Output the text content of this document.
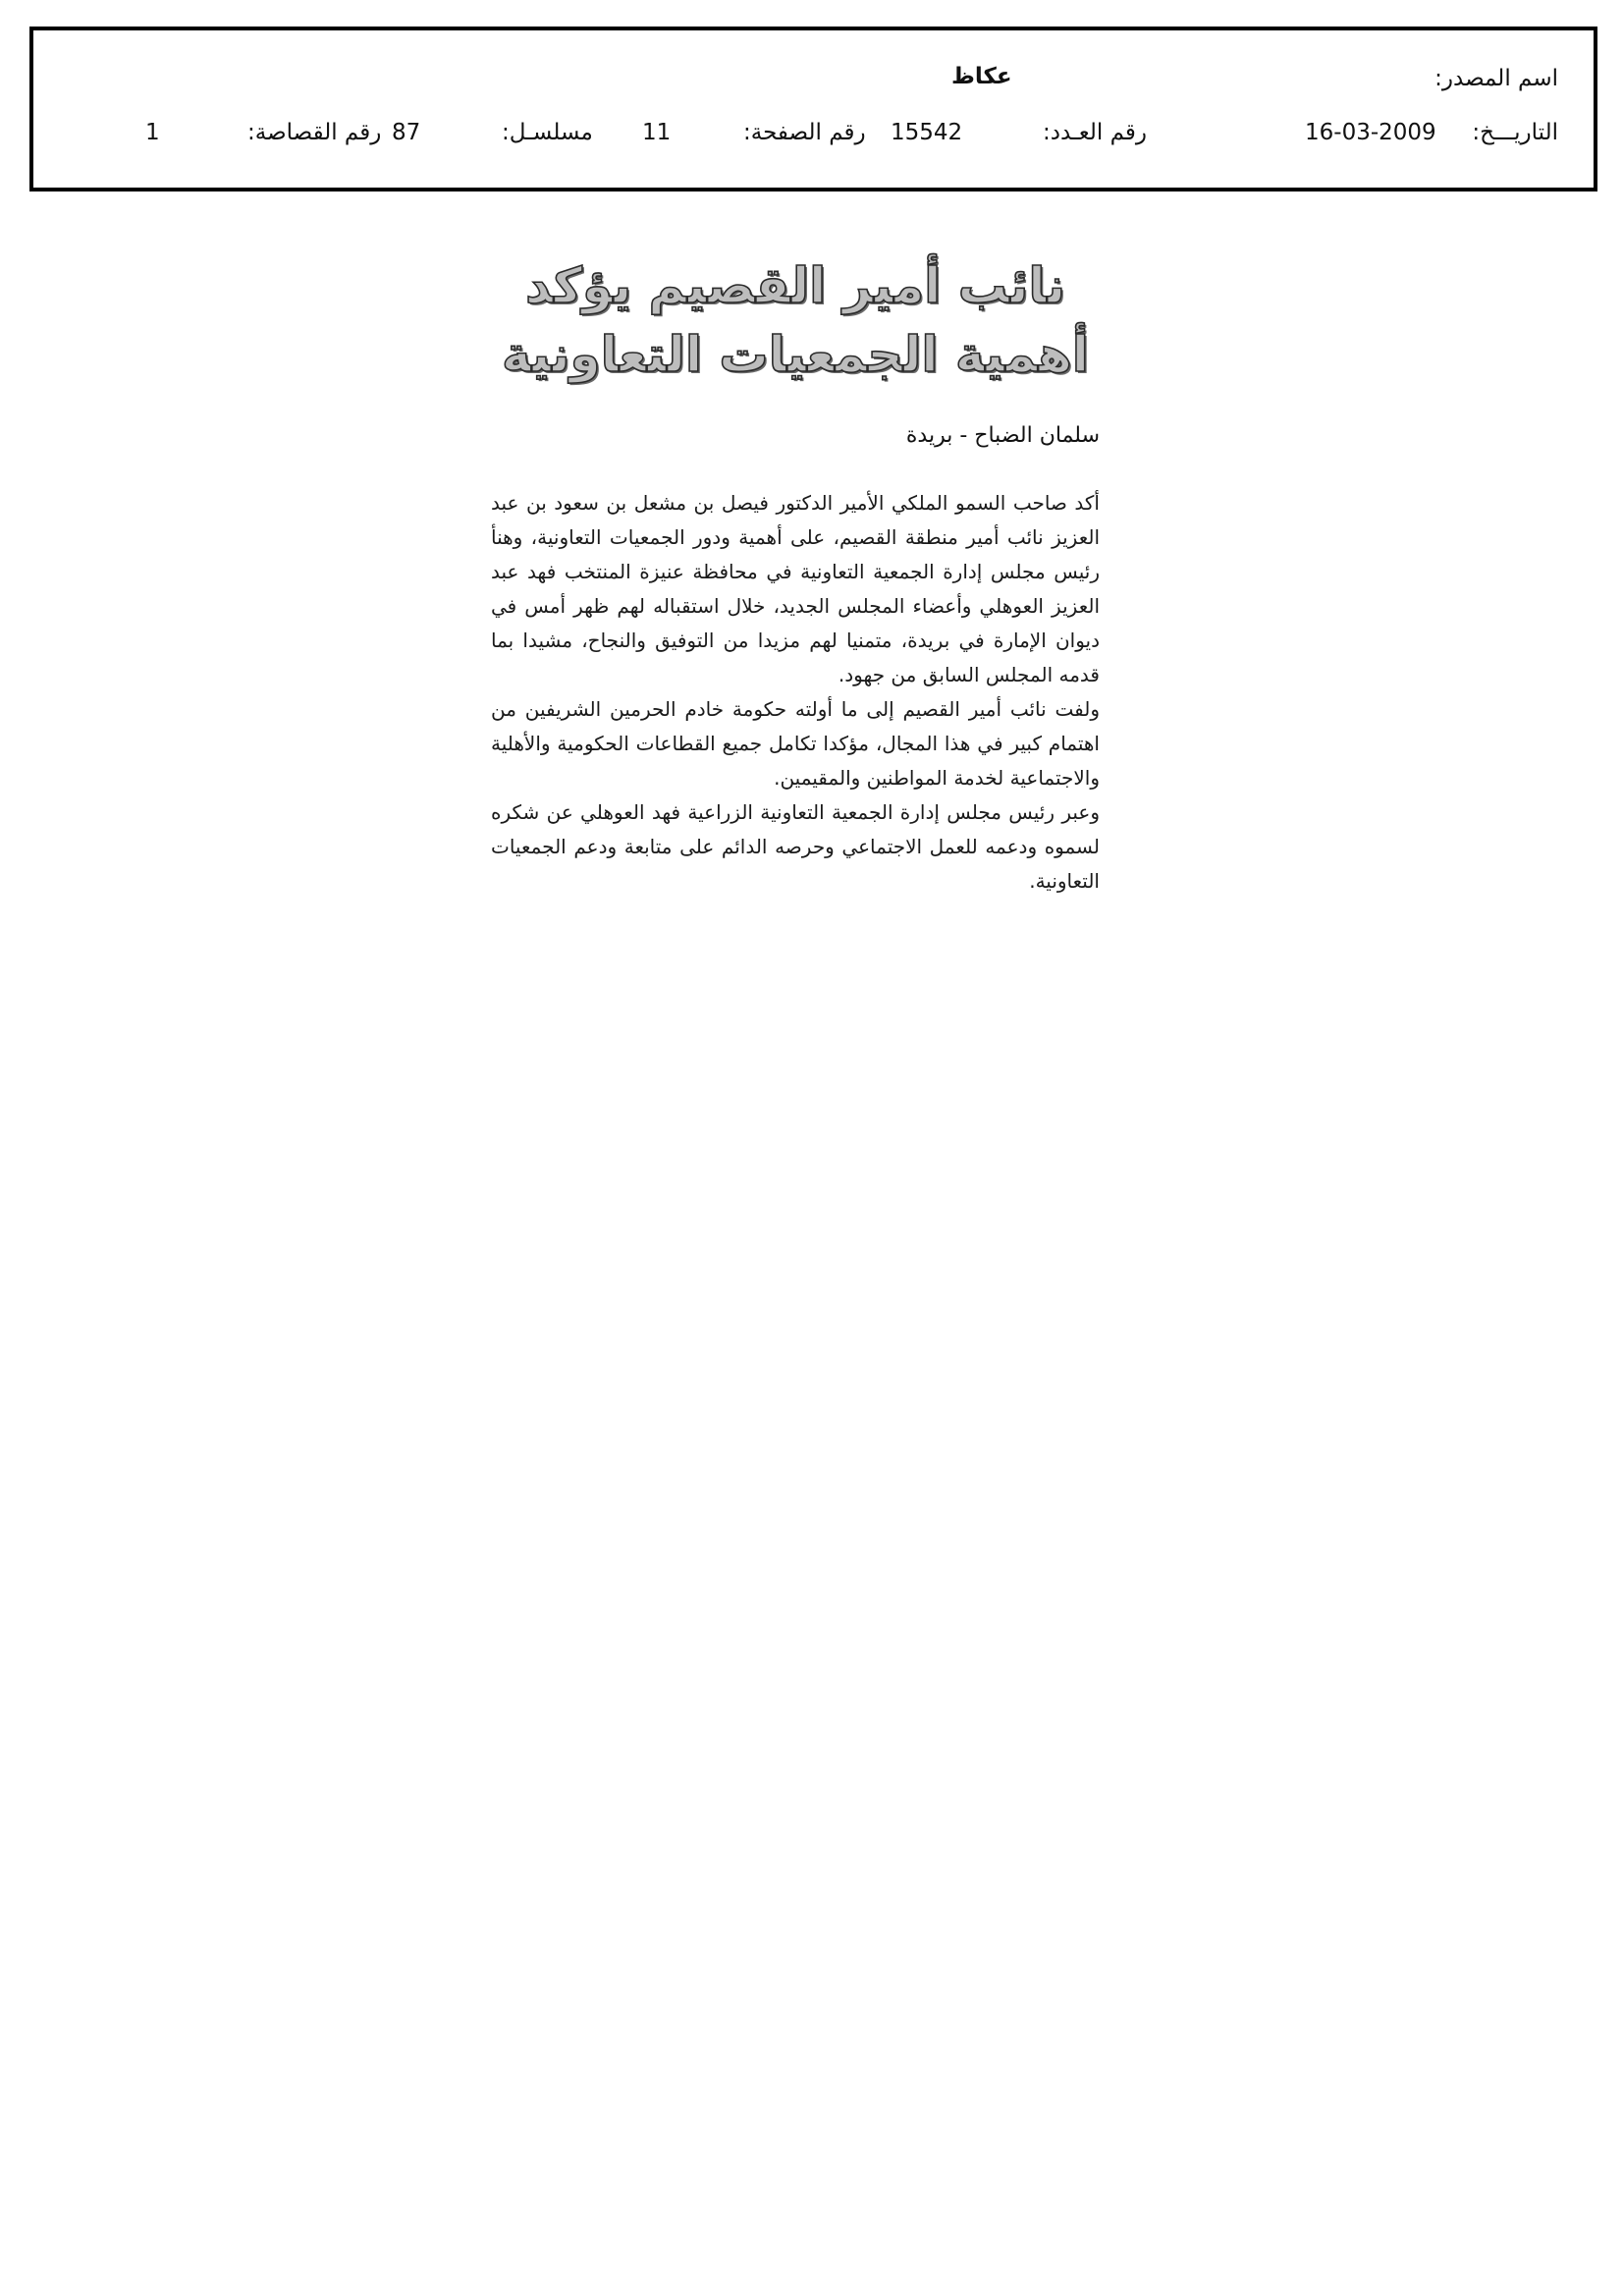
اسم المصدر:
عكاظ
التاريـــخ:
16-03-2009
رقم العـدد:
15542
رقم الصفحة:
11
مسلسـل:
87
رقم القصاصة:
1
نائب أمير القصيم يؤكد
أهمية الجمعيات التعاونية
سلمان الضباح - بريدة

أكد صاحب السمو الملكي الأمير الدكتور فيصل بن مشعل بن سعود بن عبد العزيز نائب أمير منطقة القصيم، على أهمية ودور الجمعيات التعاونية، وهنأ رئيس مجلس إدارة الجمعية التعاونية في محافظة عنيزة المنتخب فهد عبد العزيز العوهلي وأعضاء المجلس الجديد، خلال استقباله لهم ظهر أمس في ديوان الإمارة في بريدة، متمنيا لهم مزيدا من التوفيق والنجاح، مشيدا بما قدمه المجلس السابق من جهود.

ولفت نائب أمير القصيم إلى ما أولته حكومة خادم الحرمين الشريفين من اهتمام كبير في هذا المجال، مؤكدا تكامل جميع القطاعات الحكومية والأهلية والاجتماعية لخدمة المواطنين والمقيمين.

وعبر رئيس مجلس إدارة الجمعية التعاونية الزراعية فهد العوهلي عن شكره لسموه ودعمه للعمل الاجتماعي وحرصه الدائم على متابعة ودعم الجمعيات التعاونية.
